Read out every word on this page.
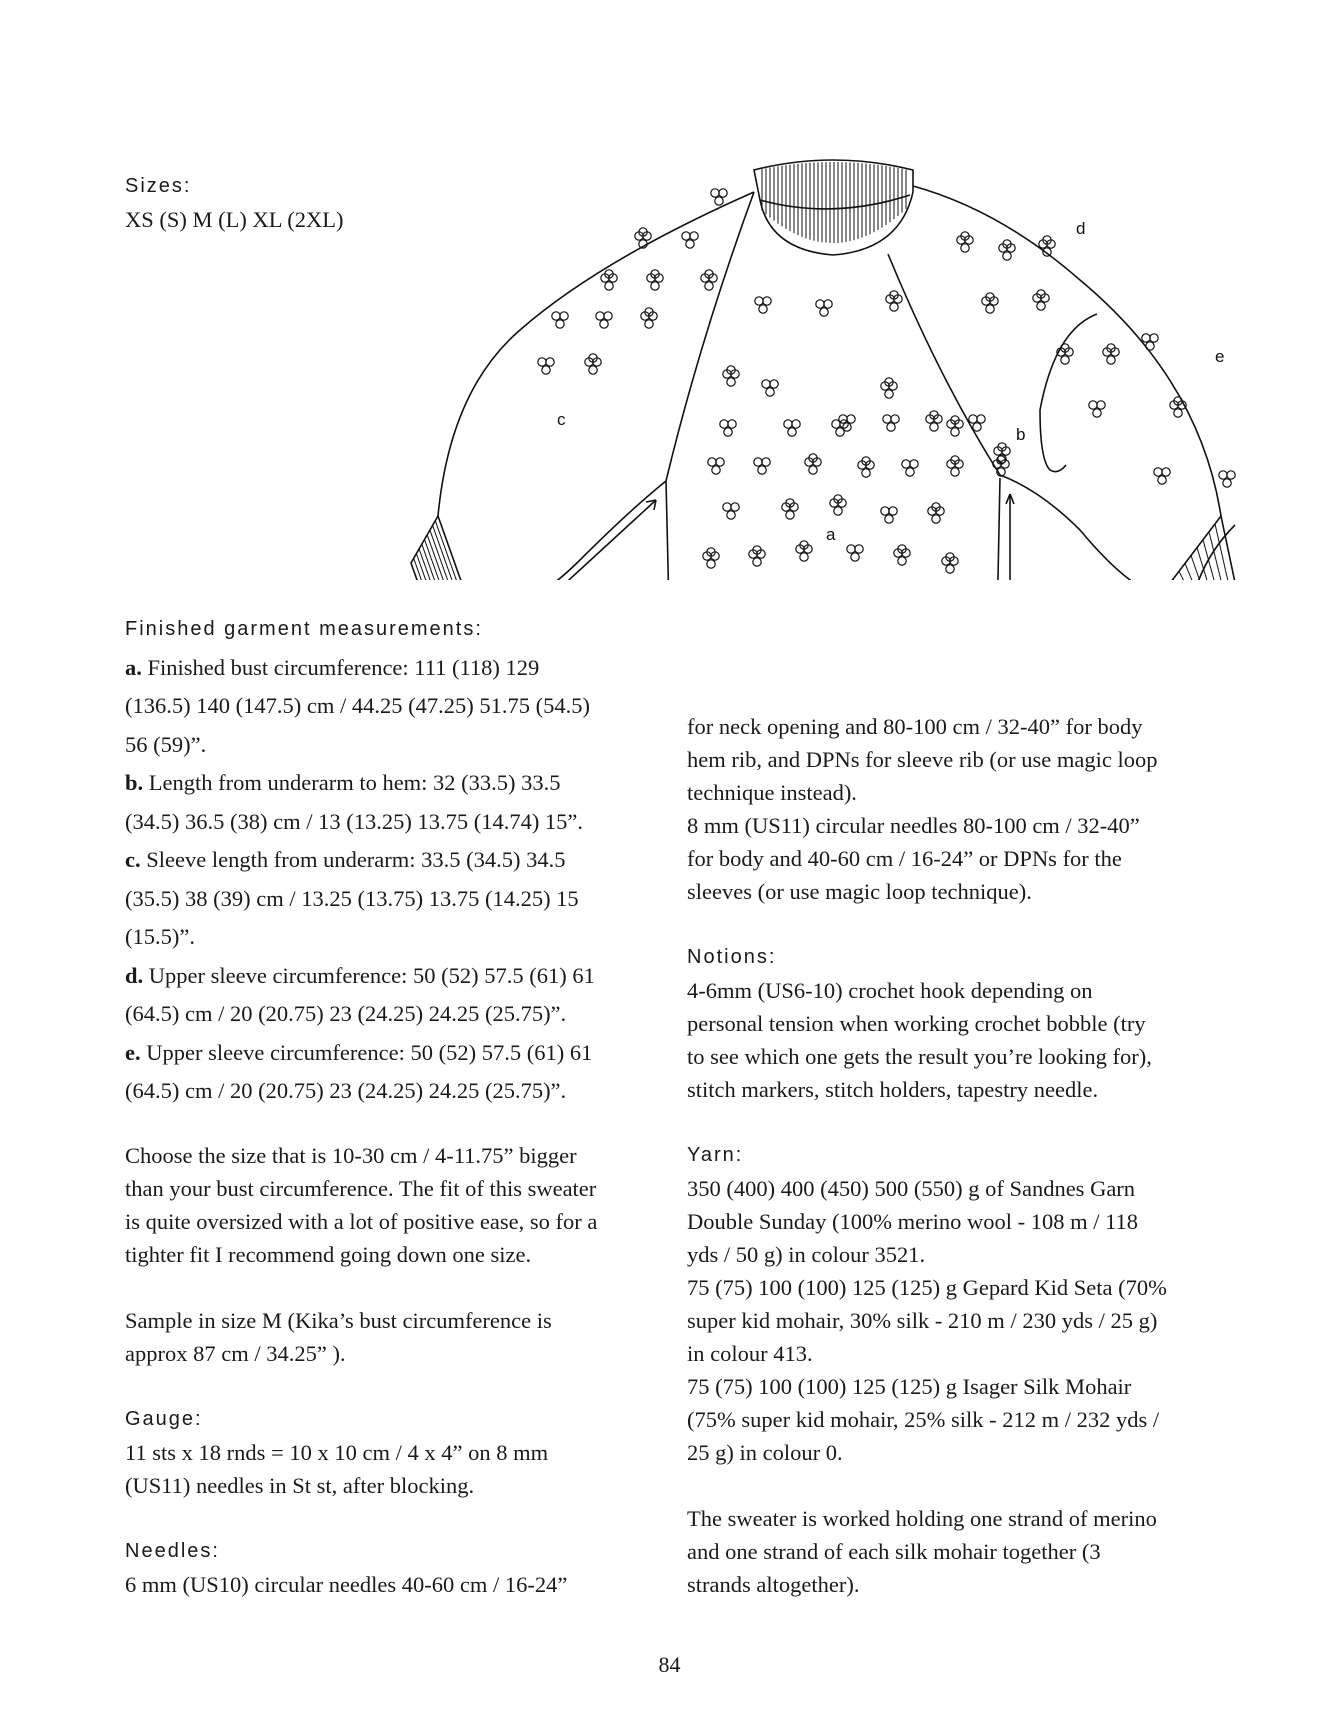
Sizes:
XS (S) M (L) XL (2XL)
a
b
c
d
e
Finished garment measurements:
a. Finished bust circumference: 111 (118) 129
(136.5) 140 (147.5) cm / 44.25 (47.25) 51.75 (54.5)
56 (59)”.
b. Length from underarm to hem: 32 (33.5) 33.5
(34.5) 36.5 (38) cm / 13 (13.25) 13.75 (14.74) 15”.
c. Sleeve length from underarm: 33.5 (34.5) 34.5
(35.5) 38 (39) cm / 13.25 (13.75) 13.75 (14.25) 15
(15.5)”.
d. Upper sleeve circumference: 50 (52) 57.5 (61) 61
(64.5) cm / 20 (20.75) 23 (24.25) 24.25 (25.75)”.
e. Upper sleeve circumference: 50 (52) 57.5 (61) 61
(64.5) cm / 20 (20.75) 23 (24.25) 24.25 (25.75)”.
Choose the size that is 10-30 cm / 4-11.75” bigger
than your bust circumference. The fit of this sweater
is quite oversized with a lot of positive ease, so for a
tighter fit I recommend going down one size.
Sample in size M (Kika’s bust circumference is
approx 87 cm / 34.25” ).
Gauge:
11 sts x 18 rnds = 10 x 10 cm / 4 x 4” on 8 mm
(US11) needles in St st, after blocking.
Needles:
6 mm (US10) circular needles 40-60 cm / 16-24”
for neck opening and 80-100 cm / 32-40” for body
hem rib, and DPNs for sleeve rib (or use magic loop
technique instead).
8 mm (US11) circular needles 80-100 cm / 32-40”
for body and 40-60 cm / 16-24” or DPNs for the
sleeves (or use magic loop technique).
Notions:
4-6mm (US6-10) crochet hook depending on
personal tension when working crochet bobble (try
to see which one gets the result you’re looking for),
stitch markers, stitch holders, tapestry needle.
Yarn:
350 (400) 400 (450) 500 (550) g of Sandnes Garn
Double Sunday (100% merino wool - 108 m / 118
yds / 50 g) in colour 3521.
75 (75) 100 (100) 125 (125) g Gepard Kid Seta (70%
super kid mohair, 30% silk - 210 m / 230 yds / 25 g)
in colour 413.
75 (75) 100 (100) 125 (125) g Isager Silk Mohair
(75% super kid mohair, 25% silk - 212 m / 232 yds /
25 g) in colour 0.
The sweater is worked holding one strand of merino
and one strand of each silk mohair together (3
strands altogether).
84
